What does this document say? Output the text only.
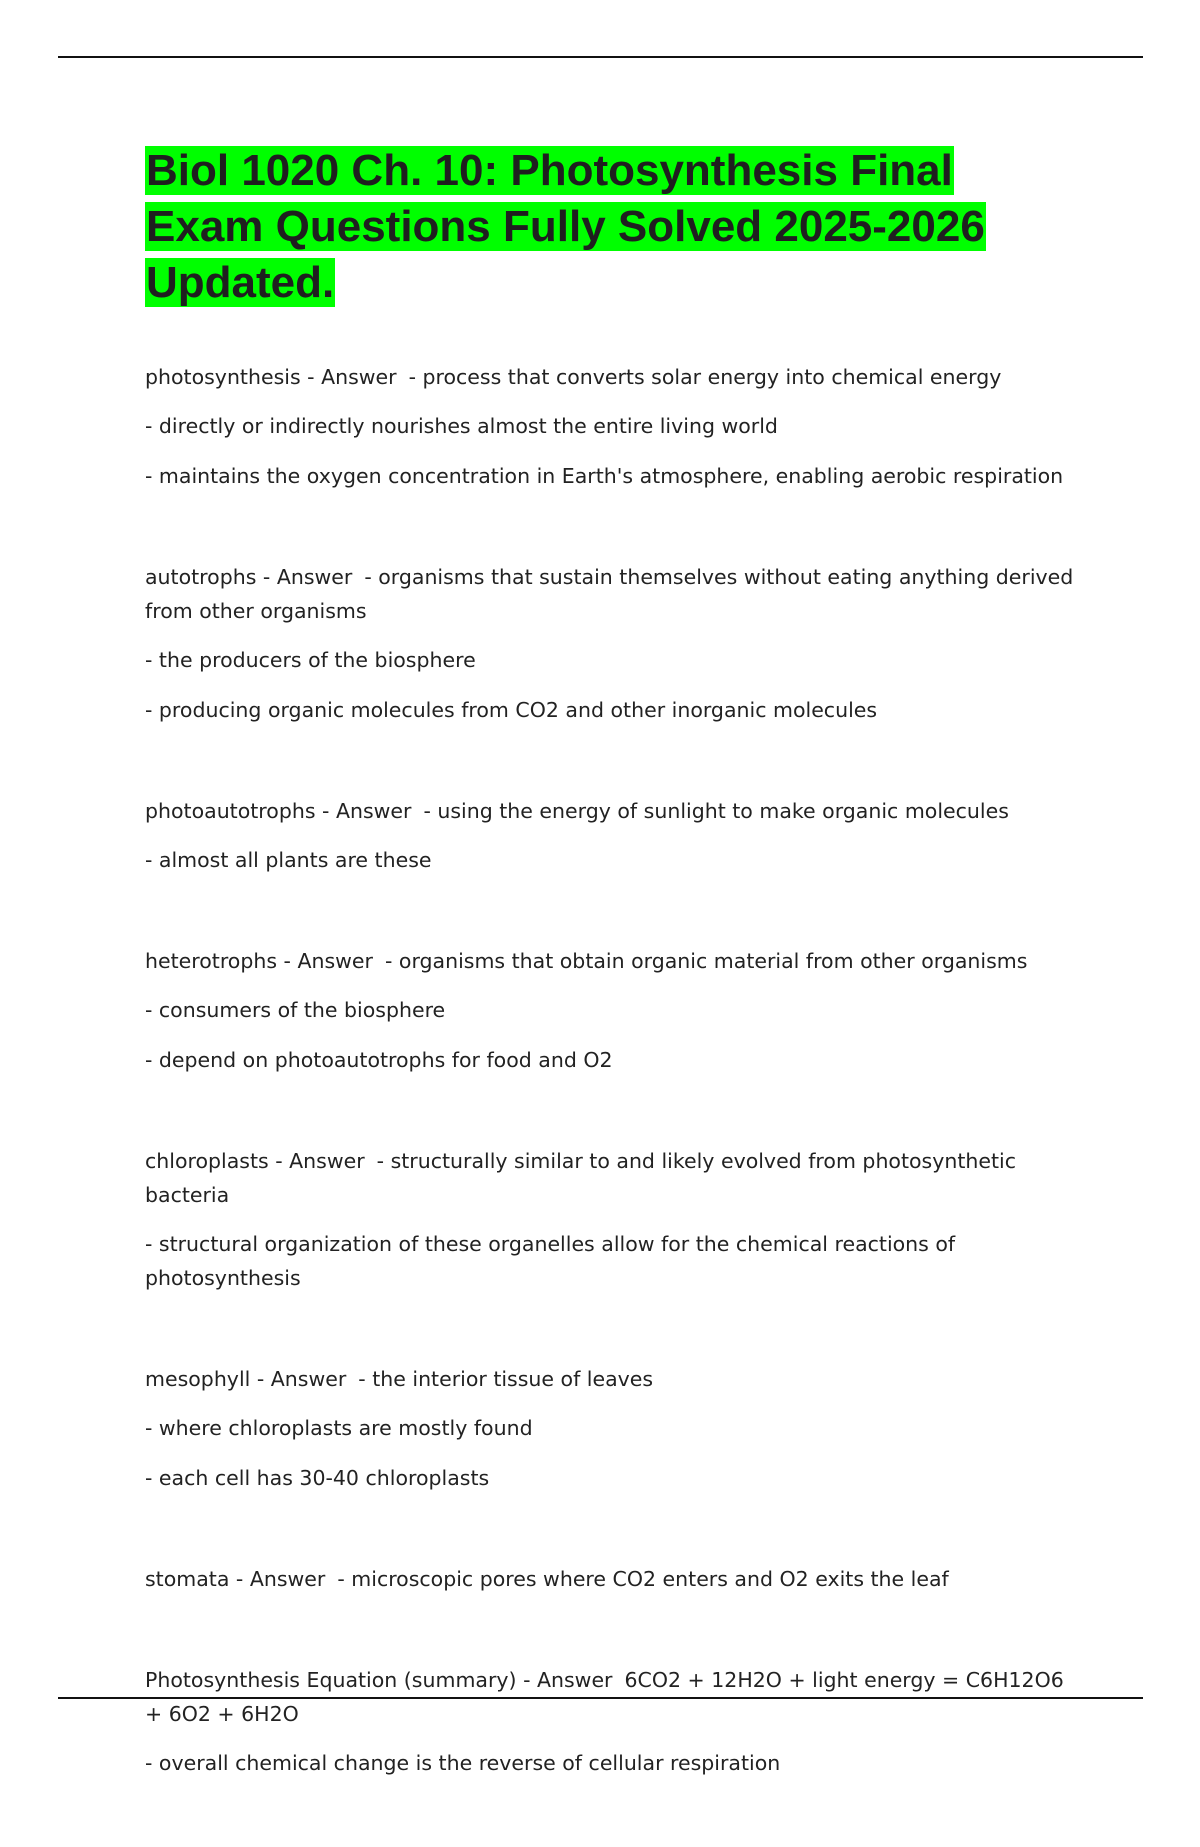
Biol 1020 Ch. 10: Photosynthesis Final Exam Questions Fully Solved 2025-2026 Updated.

photosynthesis - Answer - process that converts solar energy into chemical energy

- directly or indirectly nourishes almost the entire living world

- maintains the oxygen concentration in Earth's atmosphere, enabling aerobic respiration

autotrophs - Answer - organisms that sustain themselves without eating anything derived from other organisms

- the producers of the biosphere

- producing organic molecules from CO2 and other inorganic molecules

photoautotrophs - Answer - using the energy of sunlight to make organic molecules

- almost all plants are these

heterotrophs - Answer - organisms that obtain organic material from other organisms

- consumers of the biosphere

- depend on photoautotrophs for food and O2

chloroplasts - Answer - structurally similar to and likely evolved from photosynthetic bacteria

- structural organization of these organelles allow for the chemical reactions of photosynthesis

mesophyll - Answer - the interior tissue of leaves

- where chloroplasts are mostly found

- each cell has 30-40 chloroplasts

stomata - Answer - microscopic pores where CO2 enters and O2 exits the leaf

Photosynthesis Equation (summary) - Answer 6CO2 + 12H2O + light energy = C6H12O6 + 6O2 + 6H2O

- overall chemical change is the reverse of cellular respiration
